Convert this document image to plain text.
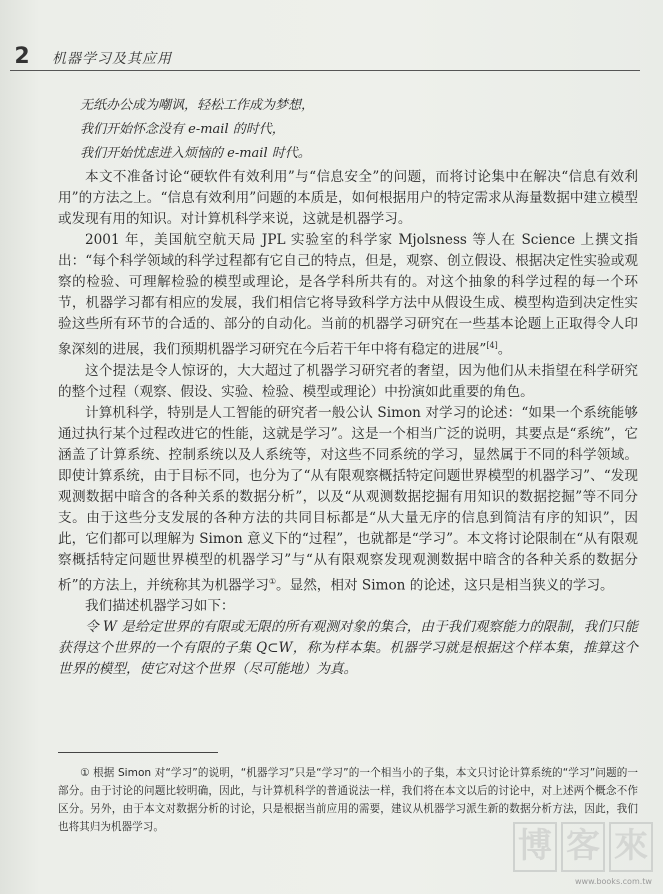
2	机器学习及其应用

无纸办公成为嘲讽，轻松工作成为梦想，

我们开始怀念没有 e-mail 的时代，

我们开始忧虑进入烦恼的 e-mail 时代。

本文不准备讨论“硬软件有效利用”与“信息安全”的问题，而将讨论集中在解决“信息有效利用”的方法之上。“信息有效利用”问题的本质是，如何根据用户的特定需求从海量数据中建立模型或发现有用的知识。对计算机科学来说，这就是机器学习。

2001 年，美国航空航天局 JPL 实验室的科学家 Mjolsness 等人在 Science 上撰文指出：“每个科学领域的科学过程都有它自己的特点，但是，观察、创立假设、根据决定性实验或观察的检验、可理解检验的模型或理论，是各学科所共有的。对这个抽象的科学过程的每一个环节，机器学习都有相应的发展，我们相信它将导致科学方法中从假设生成、模型构造到决定性实验这些所有环节的合适的、部分的自动化。当前的机器学习研究在一些基本论题上正取得令人印象深刻的进展，我们预期机器学习研究在今后若干年中将有稳定的进展”[4]。

这个提法是令人惊讶的，大大超过了机器学习研究者的奢望，因为他们从未指望在科学研究的整个过程（观察、假设、实验、检验、模型或理论）中扮演如此重要的角色。

计算机科学，特别是人工智能的研究者一般公认 Simon 对学习的论述：“如果一个系统能够通过执行某个过程改进它的性能，这就是学习”。这是一个相当广泛的说明，其要点是“系统”，它涵盖了计算系统、控制系统以及人系统等，对这些不同系统的学习，显然属于不同的科学领域。即使计算系统，由于目标不同，也分为了“从有限观察概括特定问题世界模型的机器学习”、“发现观测数据中暗含的各种关系的数据分析”，以及“从观测数据挖掘有用知识的数据挖掘”等不同分支。由于这些分支发展的各种方法的共同目标都是“从大量无序的信息到简洁有序的知识”，因此，它们都可以理解为 Simon 意义下的“过程”，也就都是“学习”。本文将讨论限制在“从有限观察概括特定问题世界模型的机器学习”与“从有限观察发现观测数据中暗含的各种关系的数据分析”的方法上，并统称其为机器学习①。显然，相对 Simon 的论述，这只是相当狭义的学习。

我们描述机器学习如下：

令 W 是给定世界的有限或无限的所有观测对象的集合，由于我们观察能力的限制，我们只能获得这个世界的一个有限的子集 Q⊂W，称为样本集。机器学习就是根据这个样本集，推算这个世界的模型，使它对这个世界（尽可能地）为真。

① 根据 Simon 对“学习”的说明，“机器学习”只是“学习”的一个相当小的子集，本文只讨论计算系统的“学习”问题的一部分。由于讨论的问题比较明确，因此，与计算机科学的普通说法一样，我们将在本文以后的讨论中，对上述两个概念不作区分。另外，由于本文对数据分析的讨论，只是根据当前应用的需要，建议从机器学习派生新的数据分析方法，因此，我们也将其归为机器学习。	博 客 來
www.books.com.tw
